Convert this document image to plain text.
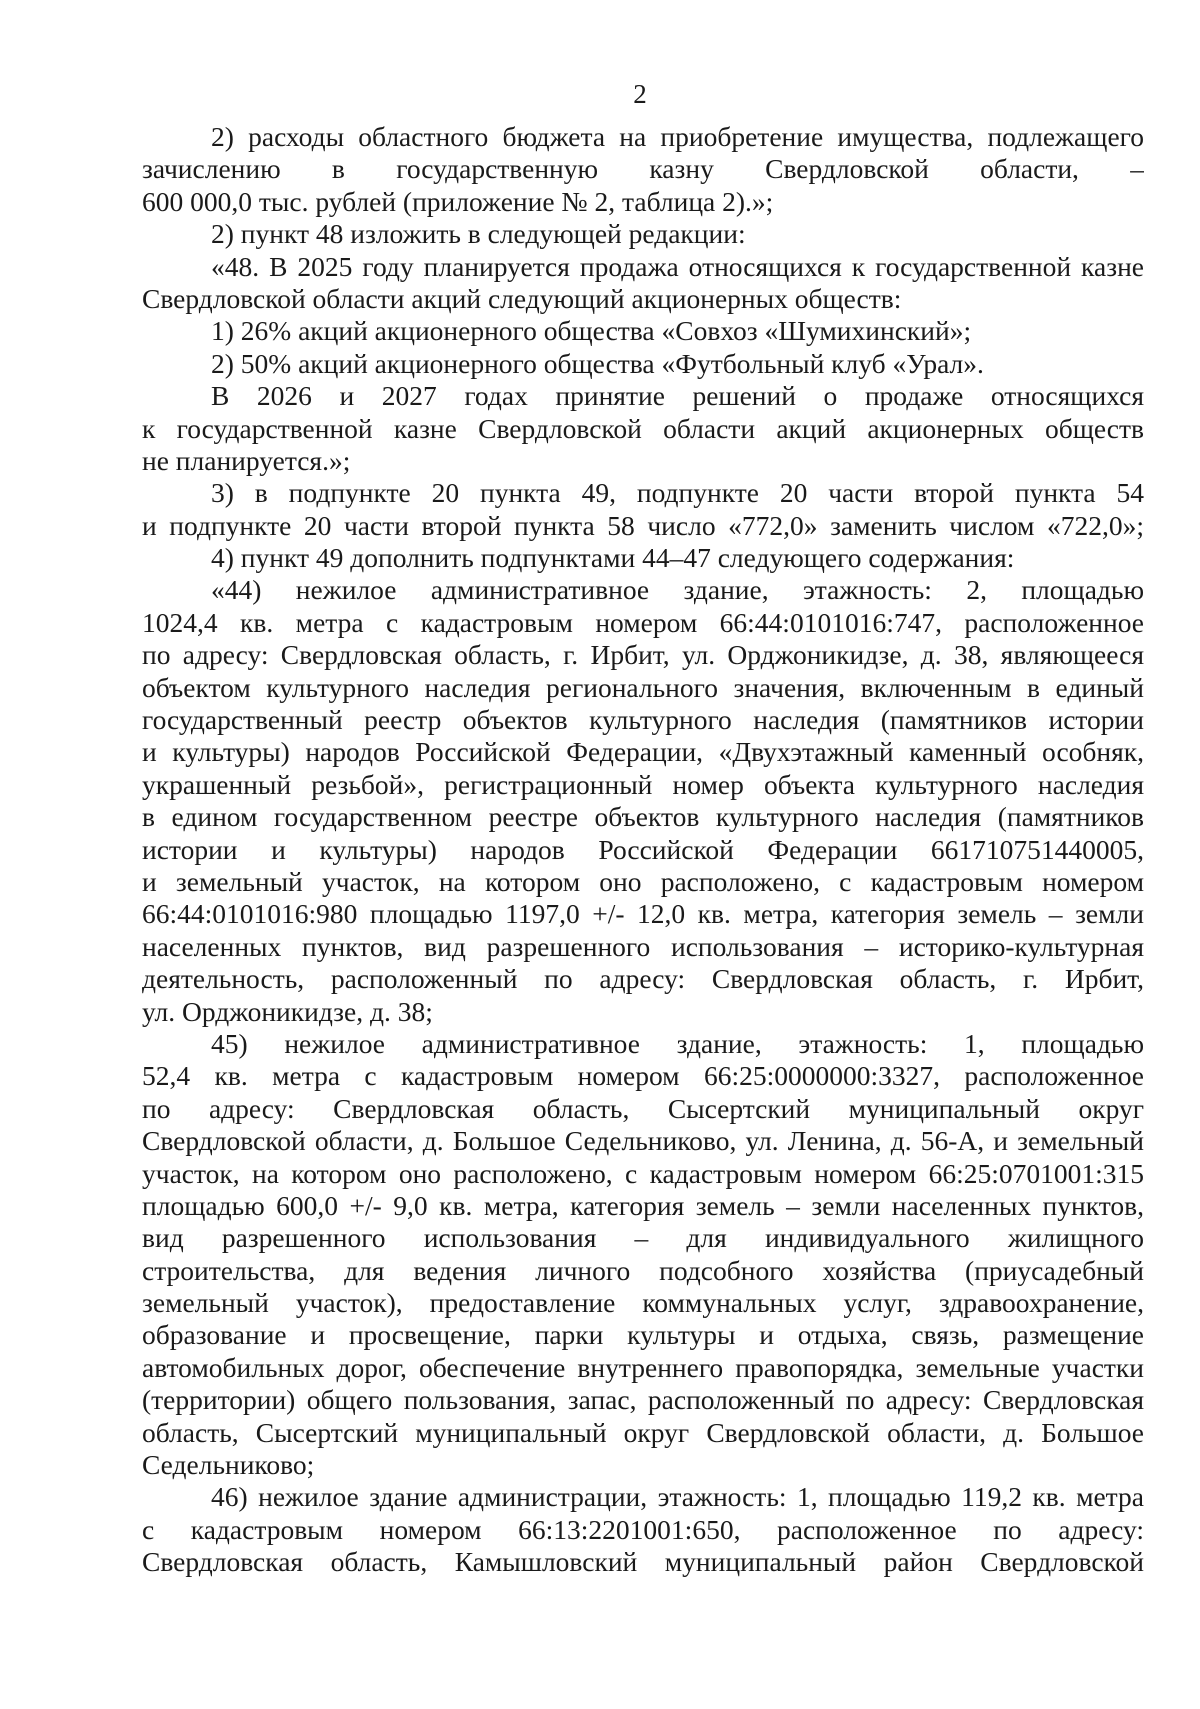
2
2) расходы областного бюджета на приобретение имущества, подлежащего
зачислению в государственную казну Свердловской области, –
600 000,0 тыс. рублей (приложение № 2, таблица 2).»;
2) пункт 48 изложить в следующей редакции:
«48. В 2025 году планируется продажа относящихся к государственной казне
Свердловской области акций следующий акционерных обществ:
1) 26% акций акционерного общества «Совхоз «Шумихинский»;
2) 50% акций акционерного общества «Футбольный клуб «Урал».
В 2026 и 2027 годах принятие решений о продаже относящихся
к государственной казне Свердловской области акций акционерных обществ
не планируется.»;
3) в подпункте 20 пункта 49, подпункте 20 части второй пункта 54
и подпункте 20 части второй пункта 58 число «772,0» заменить числом «722,0»;
4) пункт 49 дополнить подпунктами 44–47 следующего содержания:
«44) нежилое административное здание, этажность: 2, площадью
1024,4 кв. метра с кадастровым номером 66:44:0101016:747, расположенное
по адресу: Свердловская область, г. Ирбит, ул. Орджоникидзе, д. 38, являющееся
объектом культурного наследия регионального значения, включенным в единый
государственный реестр объектов культурного наследия (памятников истории
и культуры) народов Российской Федерации, «Двухэтажный каменный особняк,
украшенный резьбой», регистрационный номер объекта культурного наследия
в едином государственном реестре объектов культурного наследия (памятников
истории и культуры) народов Российской Федерации 661710751440005,
и земельный участок, на котором оно расположено, с кадастровым номером
66:44:0101016:980 площадью 1197,0 +/- 12,0 кв. метра, категория земель – земли
населенных пунктов, вид разрешенного использования – историко-культурная
деятельность, расположенный по адресу: Свердловская область, г. Ирбит,
ул. Орджоникидзе, д. 38;
45) нежилое административное здание, этажность: 1, площадью
52,4 кв. метра с кадастровым номером 66:25:0000000:3327, расположенное
по адресу: Свердловская область, Сысертский муниципальный округ
Свердловской области, д. Большое Седельниково, ул. Ленина, д. 56-А, и земельный
участок, на котором оно расположено, с кадастровым номером 66:25:0701001:315
площадью 600,0 +/- 9,0 кв. метра, категория земель – земли населенных пунктов,
вид разрешенного использования – для индивидуального жилищного
строительства, для ведения личного подсобного хозяйства (приусадебный
земельный участок), предоставление коммунальных услуг, здравоохранение,
образование и просвещение, парки культуры и отдыха, связь, размещение
автомобильных дорог, обеспечение внутреннего правопорядка, земельные участки
(территории) общего пользования, запас, расположенный по адресу: Свердловская
область, Сысертский муниципальный округ Свердловской области, д. Большое
Седельниково;
46) нежилое здание администрации, этажность: 1, площадью 119,2 кв. метра
с кадастровым номером 66:13:2201001:650, расположенное по адресу:
Свердловская область, Камышловский муниципальный район Свердловской
